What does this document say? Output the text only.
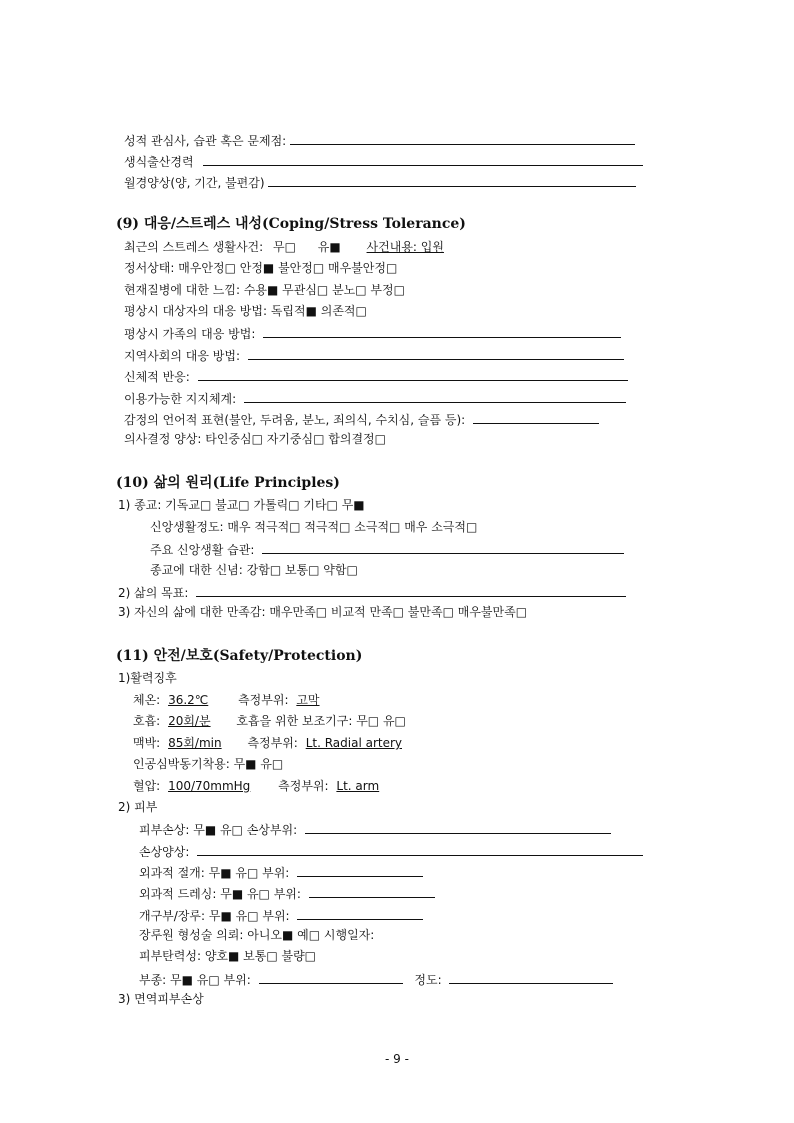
성적 관심사, 습관 혹은 문제점:
생식출산경력
월경양상(양, 기간, 불편감)
(9) 대응/스트레스 내성(Coping/Stress Tolerance)
최근의 스트레스 생활사건: 무□ 유■ 사건내용: 입원
정서상태: 매우안정□ 안정■ 불안정□ 매우불안정□
현재질병에 대한 느낌: 수용■ 무관심□ 분노□ 부정□
평상시 대상자의 대응 방법: 독립적■ 의존적□
평상시 가족의 대응 방법:
지역사회의 대응 방법:
신체적 반응:
이용가능한 지지체계:
감정의 언어적 표현(불안, 두려움, 분노, 죄의식, 수치심, 슬픔 등):
의사결정 양상: 타인중심□ 자기중심□ 합의결정□
(10) 삶의 원리(Life Principles)
1) 종교: 기독교□ 불교□ 가톨릭□ 기타□ 무■
신앙생활정도: 매우 적극적□ 적극적□ 소극적□ 매우 소극적□
주요 신앙생활 습관:
종교에 대한 신념: 강함□ 보통□ 약함□
2) 삶의 목표:
3) 자신의 삶에 대한 만족감: 매우만족□ 비교적 만족□ 불만족□ 매우불만족□
(11) 안전/보호(Safety/Protection)
1)활력징후
체온: 36.2℃ 측정부위: 고막
호흡: 20회/분 호흡을 위한 보조기구: 무□ 유□
맥박: 85회/min 측정부위: Lt. Radial artery
인공심박동기착용: 무■ 유□
혈압: 100/70mmHg 측정부위: Lt. arm
2) 피부
피부손상: 무■ 유□ 손상부위:
손상양상:
외과적 절개: 무■ 유□ 부위:
외과적 드레싱: 무■ 유□ 부위:
개구부/장루: 무■ 유□ 부위:
장루원 형성술 의뢰: 아니오■ 예□ 시행일자:
피부탄력성: 양호■ 보통□ 불량□
부종: 무■ 유□ 부위:	정도:
3) 면역피부손상
- 9 -
